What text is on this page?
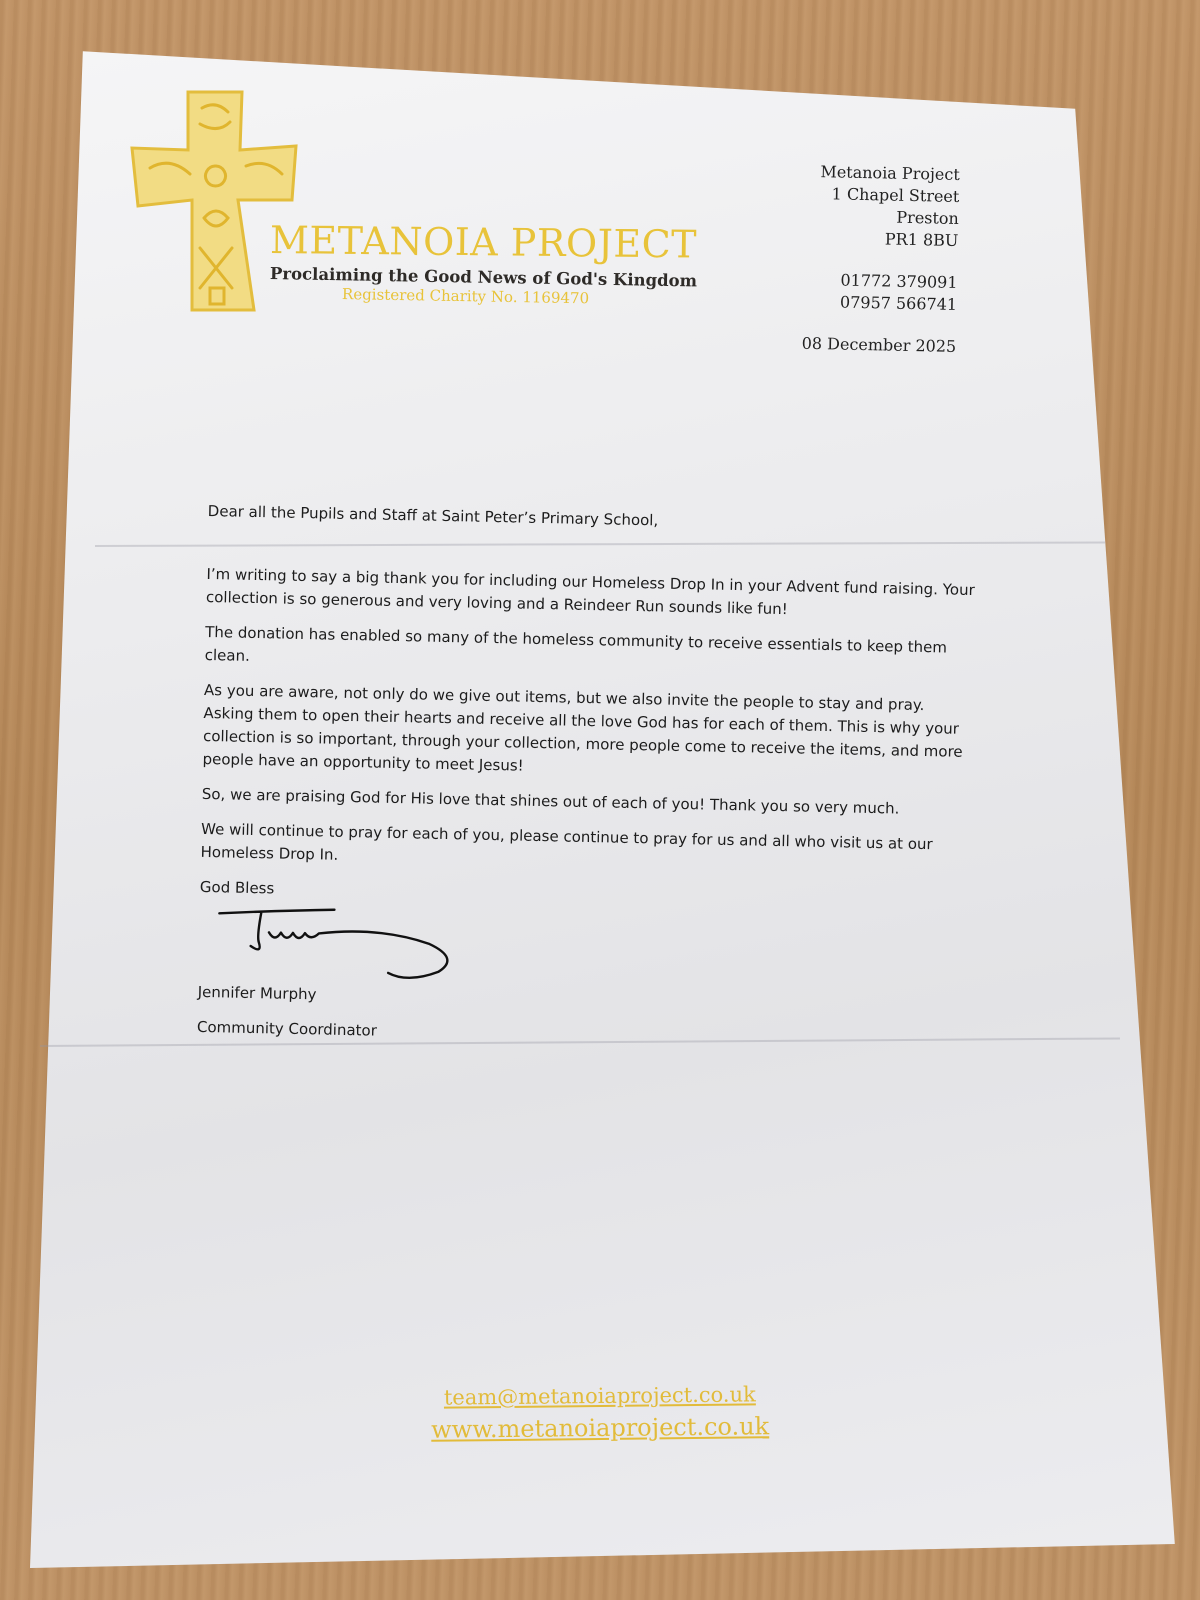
METANOIA PROJECT
Proclaiming the Good News of God's Kingdom
Registered Charity No. 1169470
Metanoia Project
1 Chapel Street
Preston
PR1 8BU
01772 379091
07957 566741
08 December 2025

Dear all the Pupils and Staff at Saint Peter’s Primary School,

I’m writing to say a big thank you for including our Homeless Drop In in your Advent fund raising. Your collection is so generous and very loving and a Reindeer Run sounds like fun!

The donation has enabled so many of the homeless community to receive essentials to keep them clean.

As you are aware, not only do we give out items, but we also invite the people to stay and pray. Asking them to open their hearts and receive all the love God has for each of them. This is why your collection is so important, through your collection, more people come to receive the items, and more people have an opportunity to meet Jesus!

So, we are praising God for His love that shines out of each of you! Thank you so very much.

We will continue to pray for each of you, please continue to pray for us and all who visit us at our Homeless Drop In.

God Bless

Jennifer Murphy

Community Coordinator

team@metanoiaproject.co.uk
www.metanoiaproject.co.uk
